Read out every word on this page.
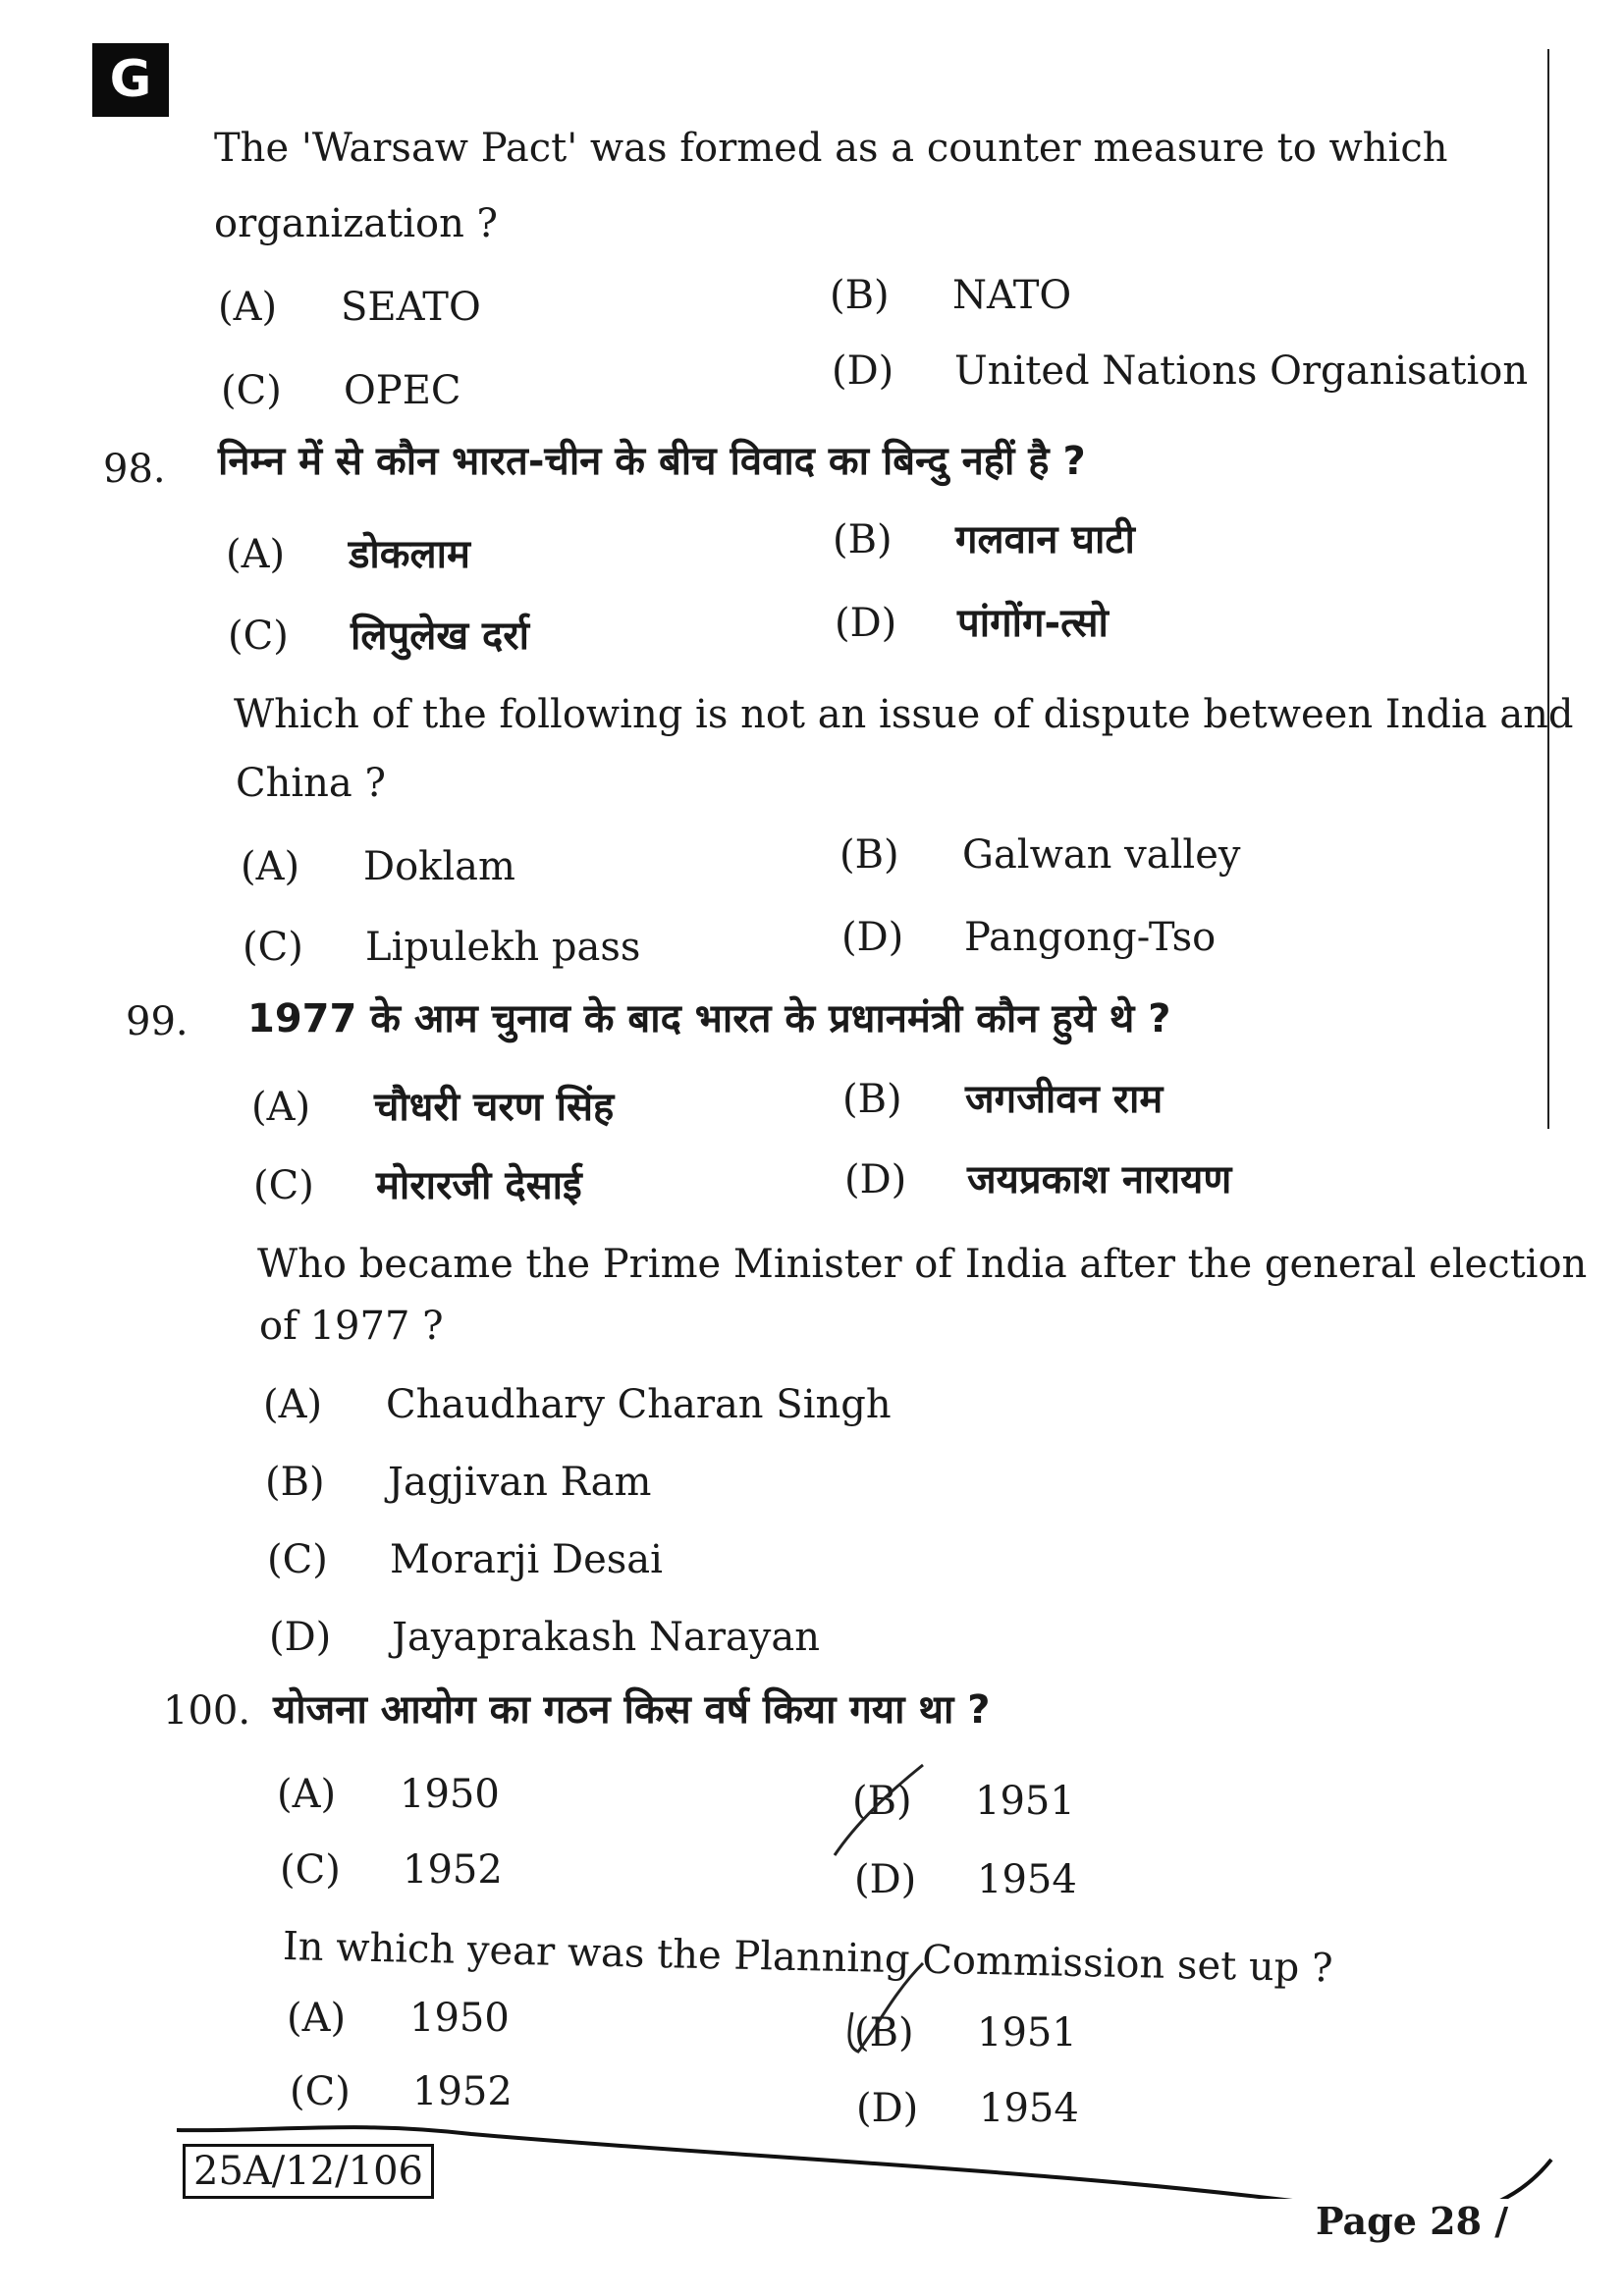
G
The 'Warsaw Pact' was formed as a counter measure to which
organization ?
(A) SEATO	(B) NATO
(C) OPEC	(D) United Nations Organisation
98. निम्न में से कौन भारत-चीन के बीच विवाद का बिन्दु नहीं है ?
(A) डोकलाम	(B) गलवान घाटी
(C) लिपुलेख दर्रा	(D) पांगोंग-त्सो
Which of the following is not an issue of dispute between India and
China ?
(A) Doklam	(B) Galwan valley
(C) Lipulekh pass	(D) Pangong-Tso
99. 1977 के आम चुनाव के बाद भारत के प्रधानमंत्री कौन हुये थे ?
(A) चौधरी चरण सिंह	(B) जगजीवन राम
(C) मोरारजी देसाई	(D) जयप्रकाश नारायण
Who became the Prime Minister of India after the general election
of 1977 ?
(A) Chaudhary Charan Singh
(B) Jagjivan Ram
(C) Morarji Desai
(D) Jayaprakash Narayan
100. योजना आयोग का गठन किस वर्ष किया गया था ?
(A) 1950	(B) 1951
(C) 1952	(D) 1954
In which year was the Planning Commission set up ?
(A) 1950	(B) 1951
(C) 1952	(D) 1954
25A/12/106
Page 28 /
